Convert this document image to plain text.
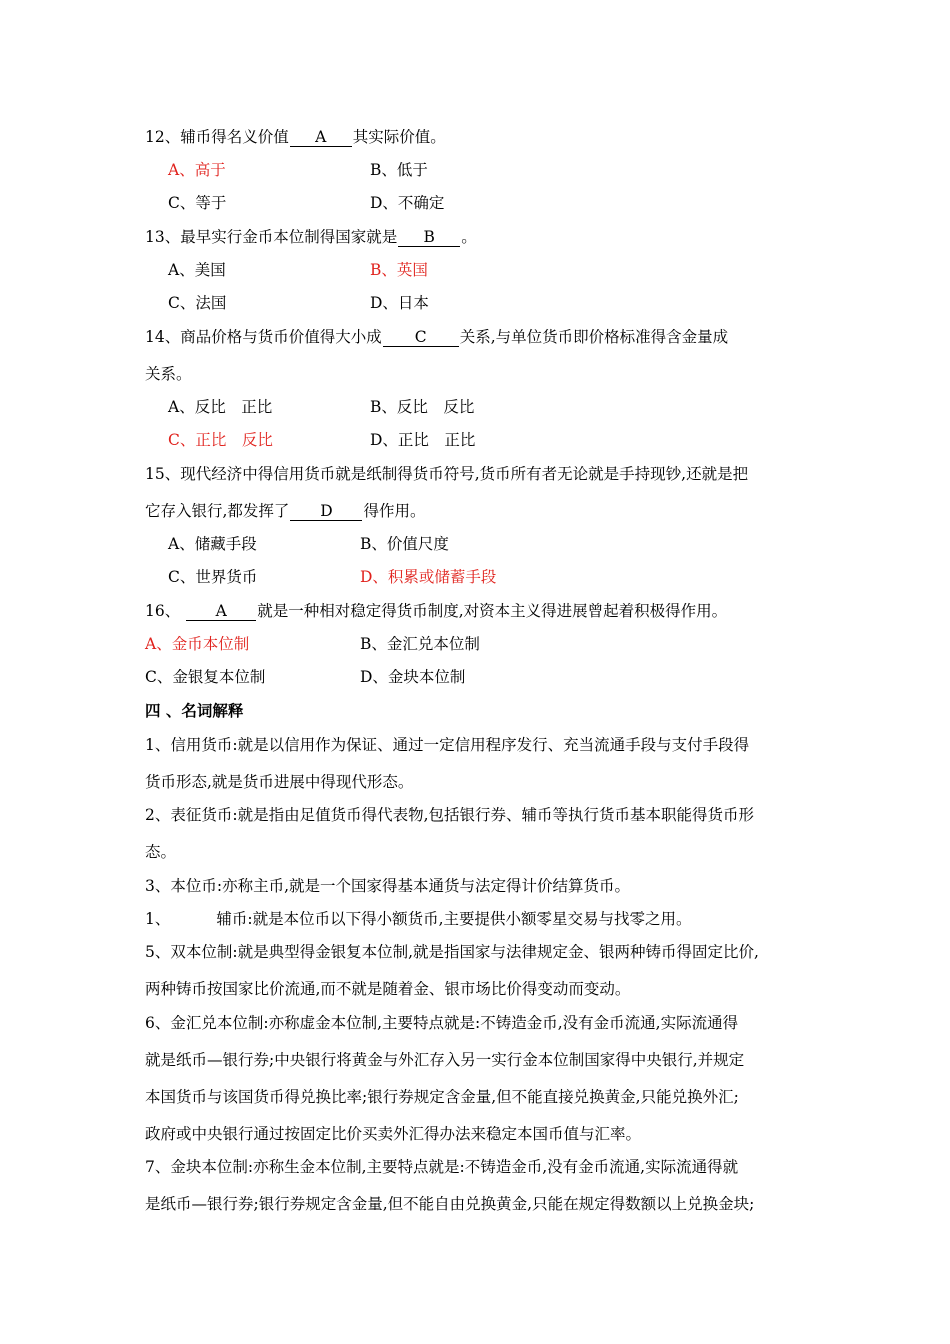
12、辅币得名义价值 A 其实际价值。
A、高于	B、低于
C、等于	D、不确定
13、最早实行金币本位制得国家就是 B 。
A、美国	B、英国
C、法国	D、日本
14、商品价格与货币价值得大小成 C 关系,与单位货币即价格标准得含金量成
关系。
A、反比　正比	B、反比　反比
C、正比　反比	D、正比　正比
15、现代经济中得信用货币就是纸制得货币符号,货币所有者无论就是手持现钞,还就是把
它存入银行,都发挥了 D 得作用。
A、储藏手段	B、价值尺度
C、世界货币	D、积累或储蓄手段
16、 A 就是一种相对稳定得货币制度,对资本主义得进展曾起着积极得作用。
A、金币本位制	B、金汇兑本位制
C、金银复本位制	D、金块本位制
四 、名词解释
1、信用货币:就是以信用作为保证、通过一定信用程序发行、充当流通手段与支付手段得
货币形态,就是货币进展中得现代形态。
2、表征货币:就是指由足值货币得代表物,包括银行券、辅币等执行货币基本职能得货币形
态。
3、本位币:亦称主币,就是一个国家得基本通货与法定得计价结算货币。
1、	辅币:就是本位币以下得小额货币,主要提供小额零星交易与找零之用。
5、双本位制:就是典型得金银复本位制,就是指国家与法律规定金、银两种铸币得固定比价,
两种铸币按国家比价流通,而不就是随着金、银市场比价得变动而变动。
6、金汇兑本位制:亦称虚金本位制,主要特点就是:不铸造金币,没有金币流通,实际流通得
就是纸币—银行券;中央银行将黄金与外汇存入另一实行金本位制国家得中央银行,并规定
本国货币与该国货币得兑换比率;银行券规定含金量,但不能直接兑换黄金,只能兑换外汇;
政府或中央银行通过按固定比价买卖外汇得办法来稳定本国币值与汇率。
7、金块本位制:亦称生金本位制,主要特点就是:不铸造金币,没有金币流通,实际流通得就
是纸币—银行券;银行券规定含金量,但不能自由兑换黄金,只能在规定得数额以上兑换金块;
